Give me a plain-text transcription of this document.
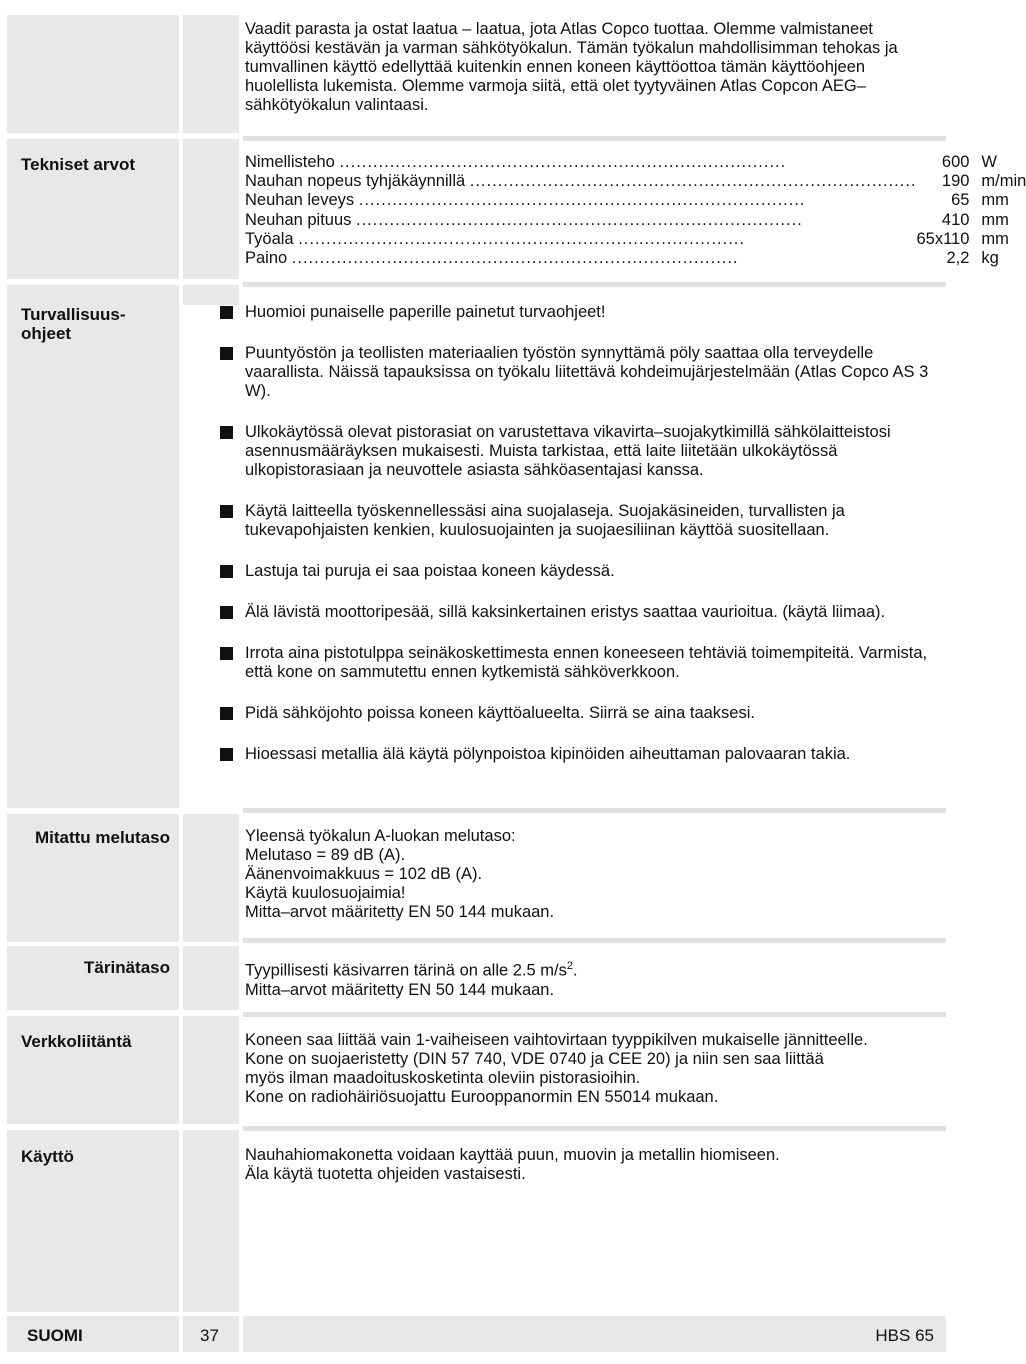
Vaadit parasta ja ostat laatua – laatua, jota Atlas Copco tuottaa. Olemme valmistaneet käyttöösi kestävän ja varman sähkötyökalun. Tämän työkalun mahdollisimman tehokas ja tumvallinen käyttö edellyttää kuitenkin ennen koneen käyttöottoa tämän käyttöohjeen huolellista lukemista. Olemme varmoja siitä, että olet tyytyväinen Atlas Copcon AEG–sähkötyökalun valintaasi.
Tekniset arvot	Nimellisteho ................................................................................	600	W
Nauhan nopeus tyhjäkäynnillä ................................................................................	190	m/min
Neuhan leveys ................................................................................	65	mm
Neuhan pituus ................................................................................	410	mm
Työala ................................................................................	65x110	mm
Paino ................................................................................	2,2	kg
Turvallisuus-
ohjeet
Huomioi punaiselle paperille painetut turvaohjeet!
Puuntyöstön ja teollisten materiaalien työstön synnyttämä pöly saattaa olla terveydelle vaarallista. Näissä tapauksissa on työkalu liitettävä kohdeimujärjestelmään (Atlas Copco AS 3 W).
Ulkokäytössä olevat pistorasiat on varustettava vikavirta–suojakytkimillä sähkölaitteistosi asennusmääräyksen mukaisesti. Muista tarkistaa, että laite liitetään ulkokäytössä ulkopistorasiaan ja neuvottele asiasta sähköasentajasi kanssa.
Käytä laitteella työskennellessäsi aina suojalaseja. Suojakäsineiden, turvallisten ja tukevapohjaisten kenkien, kuulosuojainten ja suojaesiliinan käyttöä suositellaan.
Lastuja tai puruja ei saa poistaa koneen käydessä.
Älä lävistä moottoripesää, sillä kaksinkertainen eristys saattaa vaurioitua. (käytä liimaa).
Irrota aina pistotulppa seinäkoskettimesta ennen koneeseen tehtäviä toimempiteitä. Varmista, että kone on sammutettu ennen kytkemistä sähköverkkoon.
Pidä sähköjohto poissa koneen käyttöalueelta. Siirrä se aina taaksesi.
Hioessasi metallia älä käytä pölynpoistoa kipinöiden aiheuttaman palovaaran takia.
Mitattu melutaso	Yleensä työkalun A-luokan melutaso:

Melutaso = 89 dB (A).

Äänenvoimakkuus = 102 dB (A).

Käytä kuulosuojaimia!

Mitta–arvot määritetty EN 50 144 mukaan.

Tärinätaso	Tyypillisesti käsivarren tärinä on alle 2.5 $m/s^2$.

Mitta–arvot määritetty EN 50 144 mukaan.

Verkkoliitäntä	Koneen saa liittää vain 1-vaiheiseen vaihtovirtaan tyyppikilven mukaiselle jännitteelle.

Kone on suojaeristetty (DIN 57 740, VDE 0740 ja CEE 20) ja niin sen saa liittää

myös ilman maadoituskosketinta oleviin pistorasioihin.

Kone on radiohäiriösuojattu Eurooppanormin EN 55014 mukaan.

Käyttö	Nauhahiomakonetta voidaan kayttää puun, muovin ja metallin hiomiseen.

Äla käytä tuotetta ohjeiden vastaisesti.

SUOMI	37	HBS 65
